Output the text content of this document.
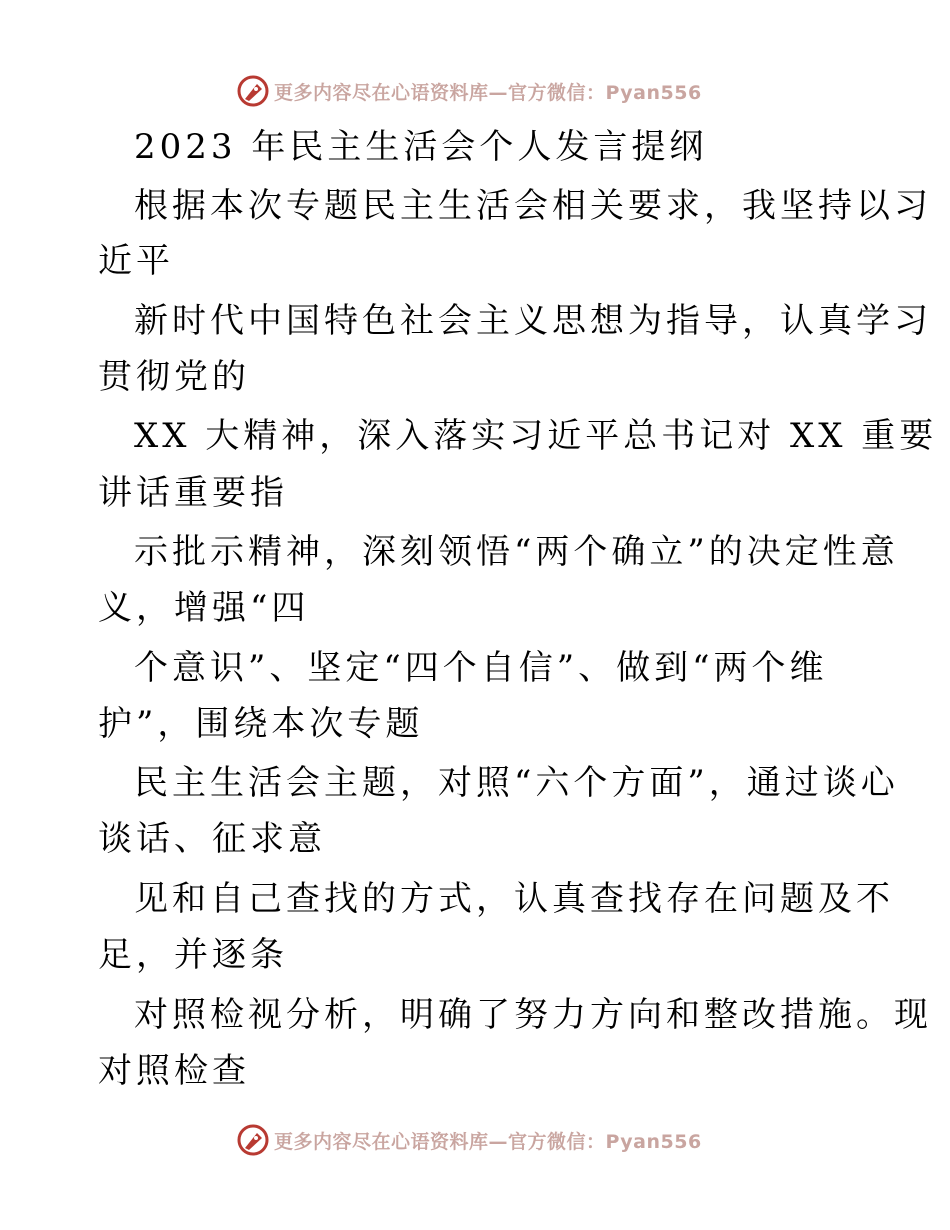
更多内容尽在心语资料库—官方微信：Pyan556
2023 年民主生活会个人发言提纲
根据本次专题民主生活会相关要求，我坚持以习
近平
新时代中国特色社会主义思想为指导，认真学习
贯彻党的
XX 大精神，深入落实习近平总书记对 XX 重要
讲话重要指
示批示精神，深刻领悟“两个确立”的决定性意
义，增强“四
个意识”、坚定“四个自信”、做到“两个维
护”，围绕本次专题
民主生活会主题，对照“六个方面”，通过谈心
谈话、征求意
见和自己查找的方式，认真查找存在问题及不
足，并逐条
对照检视分析，明确了努力方向和整改措施。现
对照检查
更多内容尽在心语资料库—官方微信：Pyan556
